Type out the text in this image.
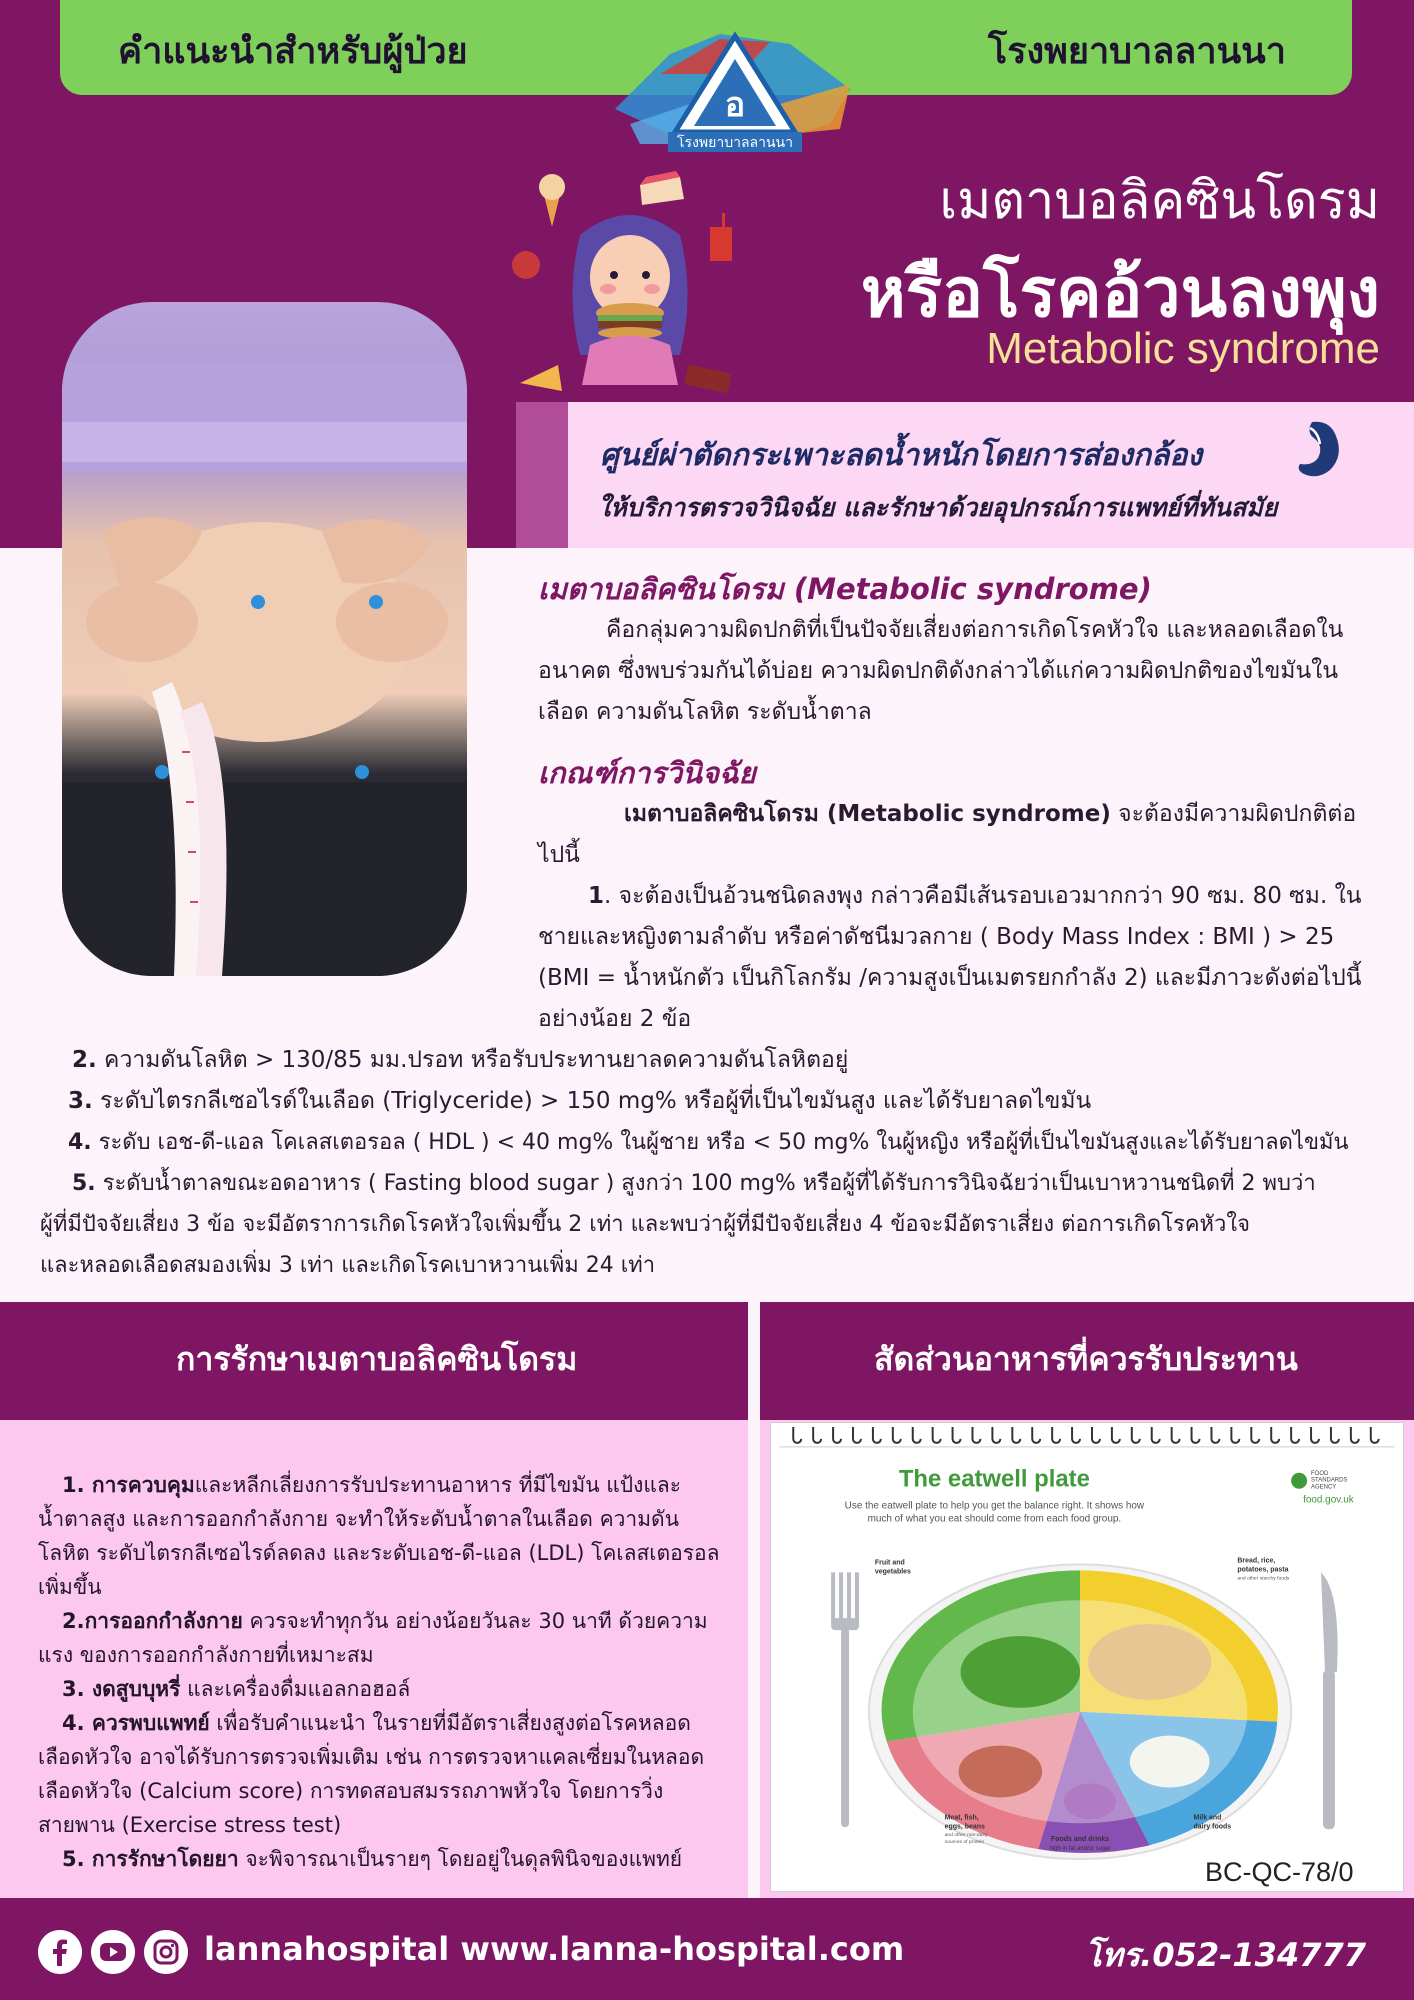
คำแนะนำสำหรับผู้ป่วย	โรงพยาบาลลานนา
อ
โรงพยาบาลลานนา
เมตาบอลิคซินโดรม
หรือโรคอ้วนลงพุง
Metabolic syndrome
ศูนย์ผ่าตัดกระเพาะลดน้ำหนักโดยการส่องกล้อง
ให้บริการตรวจวินิจฉัย และรักษาด้วยอุปกรณ์การแพทย์ที่ทันสมัย
เมตาบอลิคซินโดรม (Metabolic syndrome)
คือกลุ่มความผิดปกติที่เป็นปัจจัยเสี่ยงต่อการเกิดโรคหัวใจ และหลอดเลือดในอนาคต ซึ่งพบร่วมกันได้บ่อย ความผิดปกติดังกล่าวได้แก่ความผิดปกติของไขมันในเลือด ความดันโลหิต ระดับน้ำตาล
เกณฑ์การวินิจฉัย
เมตาบอลิคซินโดรม (Metabolic syndrome) จะต้องมีความผิดปกติต่อไปนี้
1. จะต้องเป็นอ้วนชนิดลงพุง กล่าวคือมีเส้นรอบเอวมากกว่า 90 ซม. 80 ซม. ในชายและหญิงตามลำดับ หรือค่าดัชนีมวลกาย ( Body Mass Index : BMI ) > 25 (BMI = น้ำหนักตัว เป็นกิโลกรัม /ความสูงเป็นเมตรยกกำลัง 2) และมีภาวะดังต่อไปนี้อย่างน้อย 2 ข้อ
2. ความดันโลหิต > 130/85 มม.ปรอท หรือรับประทานยาลดความดันโลหิตอยู่
3. ระดับไตรกลีเซอไรด์ในเลือด (Triglyceride) > 150 mg% หรือผู้ที่เป็นไขมันสูง และได้รับยาลดไขมัน
4. ระดับ เอช-ดี-แอล โคเลสเตอรอล ( HDL ) < 40 mg% ในผู้ชาย หรือ < 50 mg% ในผู้หญิง หรือผู้ที่เป็นไขมันสูงและได้รับยาลดไขมัน
5. ระดับน้ำตาลขณะอดอาหาร ( Fasting blood sugar ) สูงกว่า 100 mg% หรือผู้ที่ได้รับการวินิจฉัยว่าเป็นเบาหวานชนิดที่ 2 พบว่า
ผู้ที่มีปัจจัยเสี่ยง 3 ข้อ จะมีอัตราการเกิดโรคหัวใจเพิ่มขึ้น 2 เท่า และพบว่าผู้ที่มีปัจจัยเสี่ยง 4 ข้อจะมีอัตราเสี่ยง ต่อการเกิดโรคหัวใจ
และหลอดเลือดสมองเพิ่ม 3 เท่า และเกิดโรคเบาหวานเพิ่ม 24 เท่า
การรักษาเมตาบอลิคซินโดรม	สัดส่วนอาหารที่ควรรับประทาน
1. การควบคุมและหลีกเลี่ยงการรับประทานอาหาร ที่มีไขมัน แป้งและน้ำตาลสูง และการออกกำลังกาย จะทำให้ระดับน้ำตาลในเลือด ความดันโลหิต ระดับไตรกลีเซอไรด์ลดลง และระดับเอช-ดี-แอล (LDL) โคเลสเตอรอล เพิ่มขึ้น
2.การออกกำลังกาย ควรจะทำทุกวัน อย่างน้อยวันละ 30 นาที ด้วยความแรง ของการออกกำลังกายที่เหมาะสม
3. งดสูบบุหรี่ และเครื่องดื่มแอลกอฮอล์
4. ควรพบแพทย์ เพื่อรับคำแนะนำ ในรายที่มีอัตราเสี่ยงสูงต่อโรคหลอดเลือดหัวใจ อาจได้รับการตรวจเพิ่มเติม เช่น การตรวจหาแคลเซี่ยมในหลอดเลือดหัวใจ (Calcium score) การทดสอบสมรรถภาพหัวใจ โดยการวิ่งสายพาน (Exercise stress test)
5. การรักษาโดยยา จะพิจารณาเป็นรายๆ โดยอยู่ในดุลพินิจของแพทย์
The eatwell plate
Use the eatwell plate to help you get the balance right. It shows how
much of what you eat should come from each food group.
FOOD
STANDARDS
AGENCY
food.gov.uk
Fruit and
vegetables
Bread, rice,
potatoes, pasta
and other starchy foods
Meat, fish,
eggs, beans
and other non-dairy
sources of protein	Foods and drinks
high in fat and/or sugar
Milk and
dairy foods
BC-QC-78/0
lannahospital www.lanna-hospital.com	โทร.052-134777
